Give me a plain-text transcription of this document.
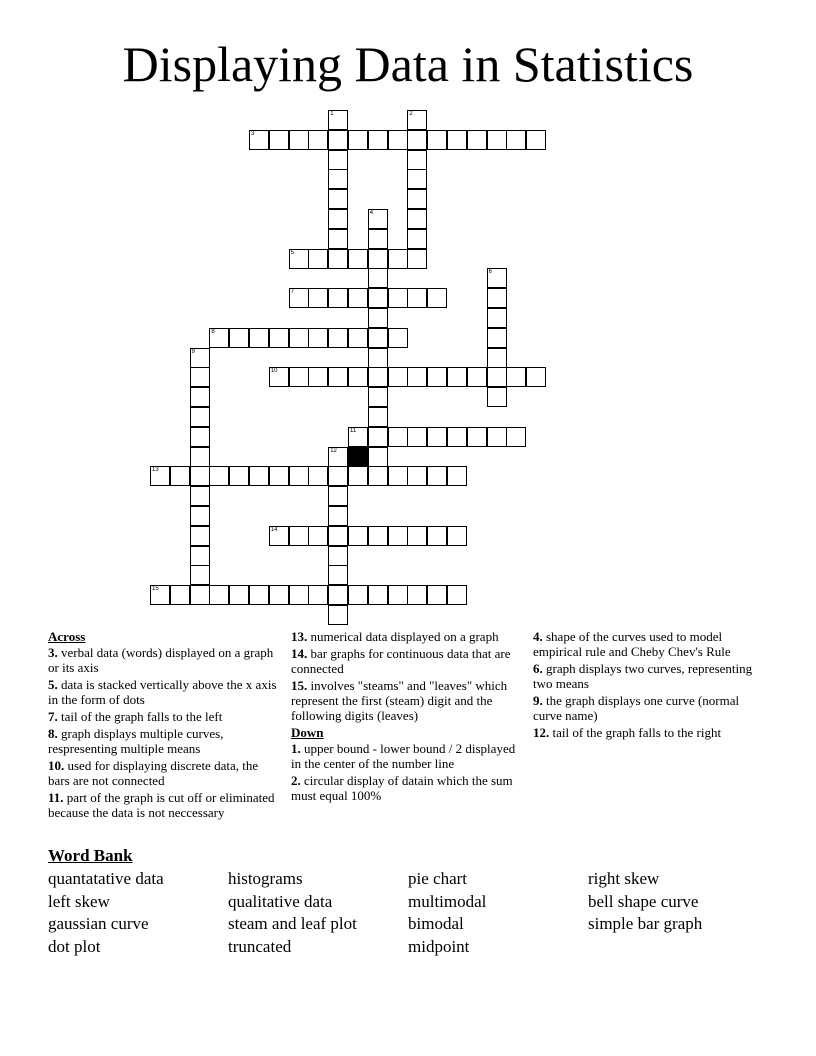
Displaying Data in Statistics
1	2
3
4
5
6
7
8
9
10
11
12
13
14
15
Across
3. verbal data (words) displayed on a graph or its axis
5. data is stacked vertically above the x axis in the form of dots
7. tail of the graph falls to the left
8. graph displays multiple curves, respresenting multiple means
10. used for displaying discrete data, the bars are not connected
11. part of the graph is cut off or eliminated because the data is not neccessary
13. numerical data displayed on a graph
14. bar graphs for continuous data that are connected
15. involves "steams" and "leaves" which represent the first (steam) digit and the following digits (leaves)
Down
1. upper bound - lower bound / 2 displayed in the center of the number line
2. circular display of datain which the sum must equal 100%
4. shape of the curves used to model empirical rule and Cheby Chev's Rule
6. graph displays two curves, representing two means
9. the graph displays one curve (normal curve name)
12. tail of the graph falls to the right
Word Bank
quantatative data	histograms	pie chart	right skew
left skew	qualitative data	multimodal	bell shape curve
gaussian curve	steam and leaf plot	bimodal	simple bar graph
dot plot	truncated	midpoint
